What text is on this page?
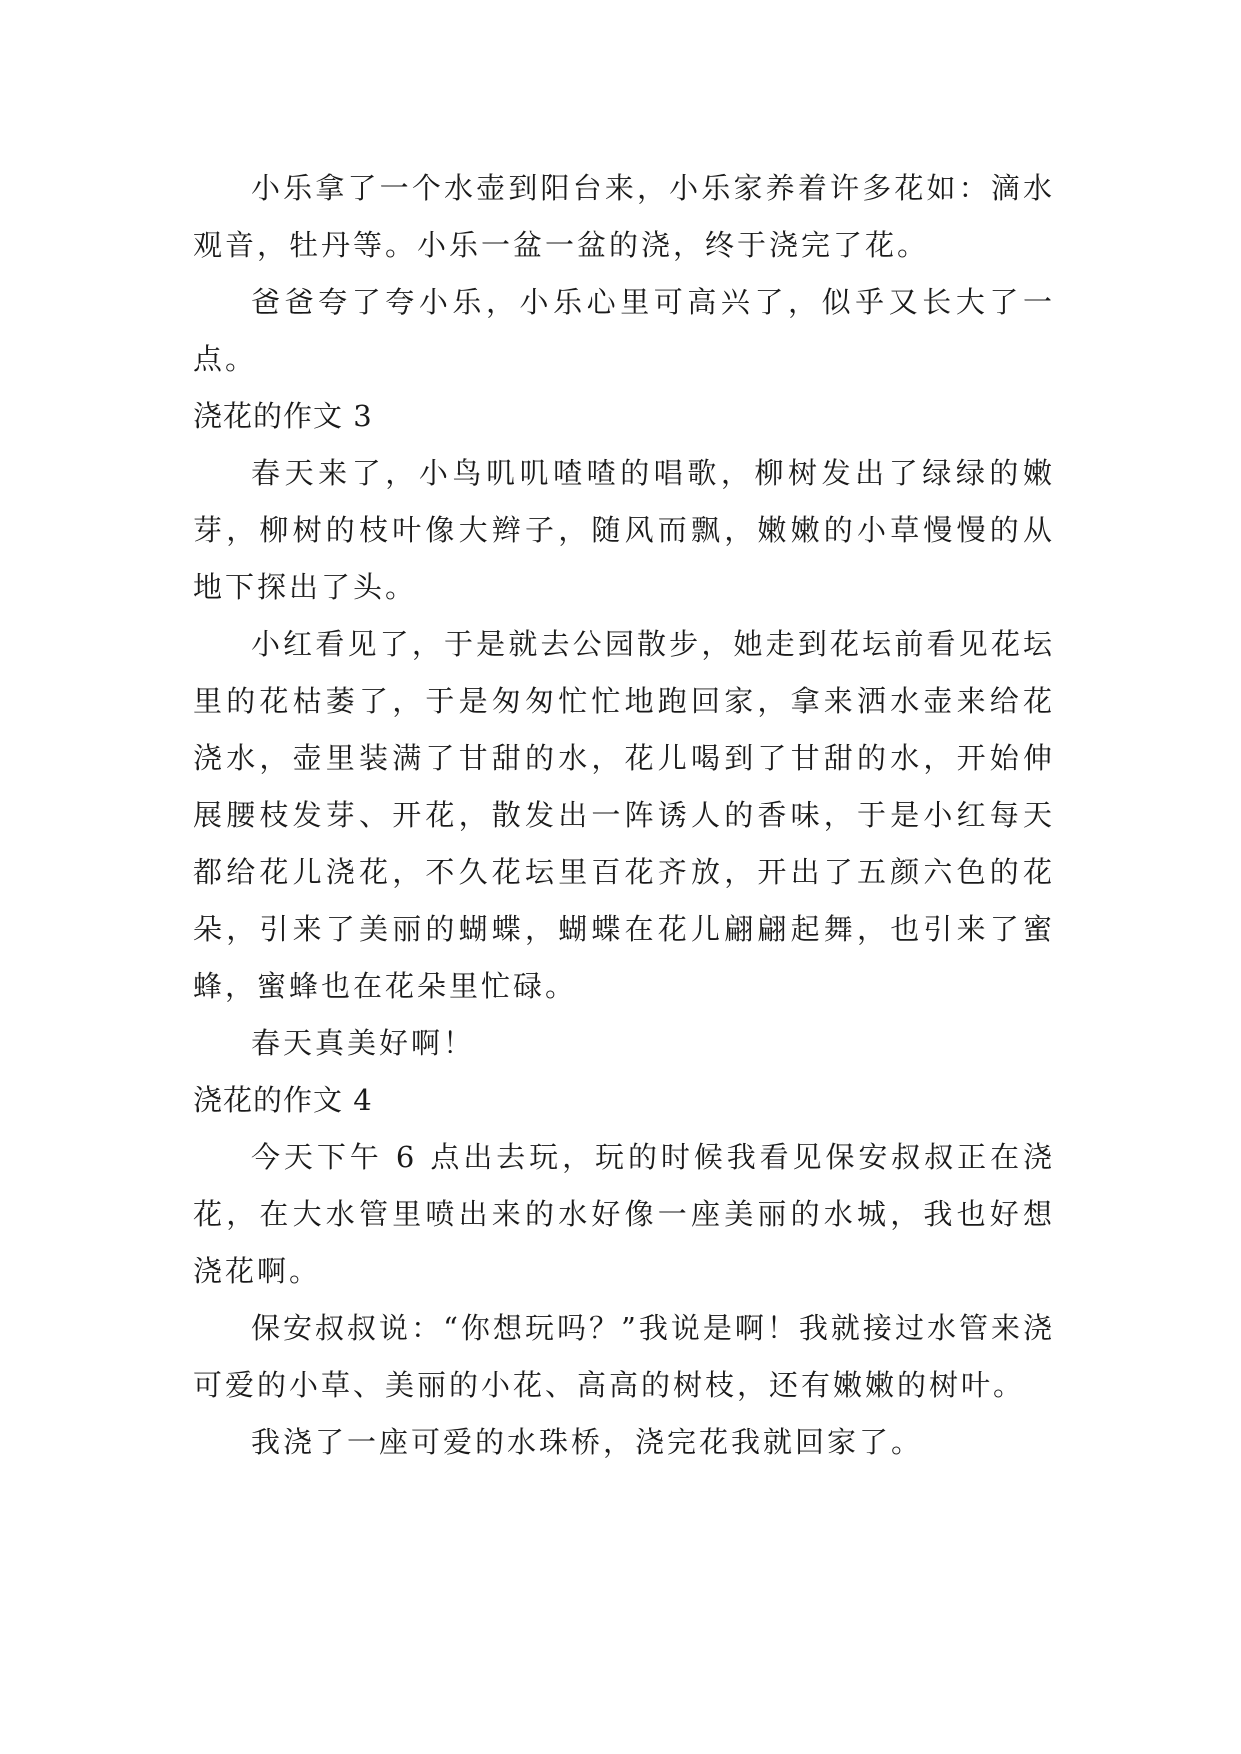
小乐拿了一个水壶到阳台来，小乐家养着许多花如：滴水观音，牡丹等。小乐一盆一盆的浇，终于浇完了花。

爸爸夸了夸小乐，小乐心里可高兴了，似乎又长大了一点。

浇花的作文 3

春天来了，小鸟叽叽喳喳的唱歌，柳树发出了绿绿的嫩芽，柳树的枝叶像大辫子，随风而飘，嫩嫩的小草慢慢的从地下探出了头。

小红看见了，于是就去公园散步，她走到花坛前看见花坛里的花枯萎了，于是匆匆忙忙地跑回家，拿来洒水壶来给花浇水，壶里装满了甘甜的水，花儿喝到了甘甜的水，开始伸展腰枝发芽、开花，散发出一阵诱人的香味，于是小红每天都给花儿浇花，不久花坛里百花齐放，开出了五颜六色的花朵，引来了美丽的蝴蝶，蝴蝶在花儿翩翩起舞，也引来了蜜蜂，蜜蜂也在花朵里忙碌。

春天真美好啊！

浇花的作文 4

今天下午 6 点出去玩，玩的时候我看见保安叔叔正在浇花，在大水管里喷出来的水好像一座美丽的水城，我也好想浇花啊。

保安叔叔说：“你想玩吗？”我说是啊！我就接过水管来浇可爱的小草、美丽的小花、高高的树枝，还有嫩嫩的树叶。

我浇了一座可爱的水珠桥，浇完花我就回家了。
